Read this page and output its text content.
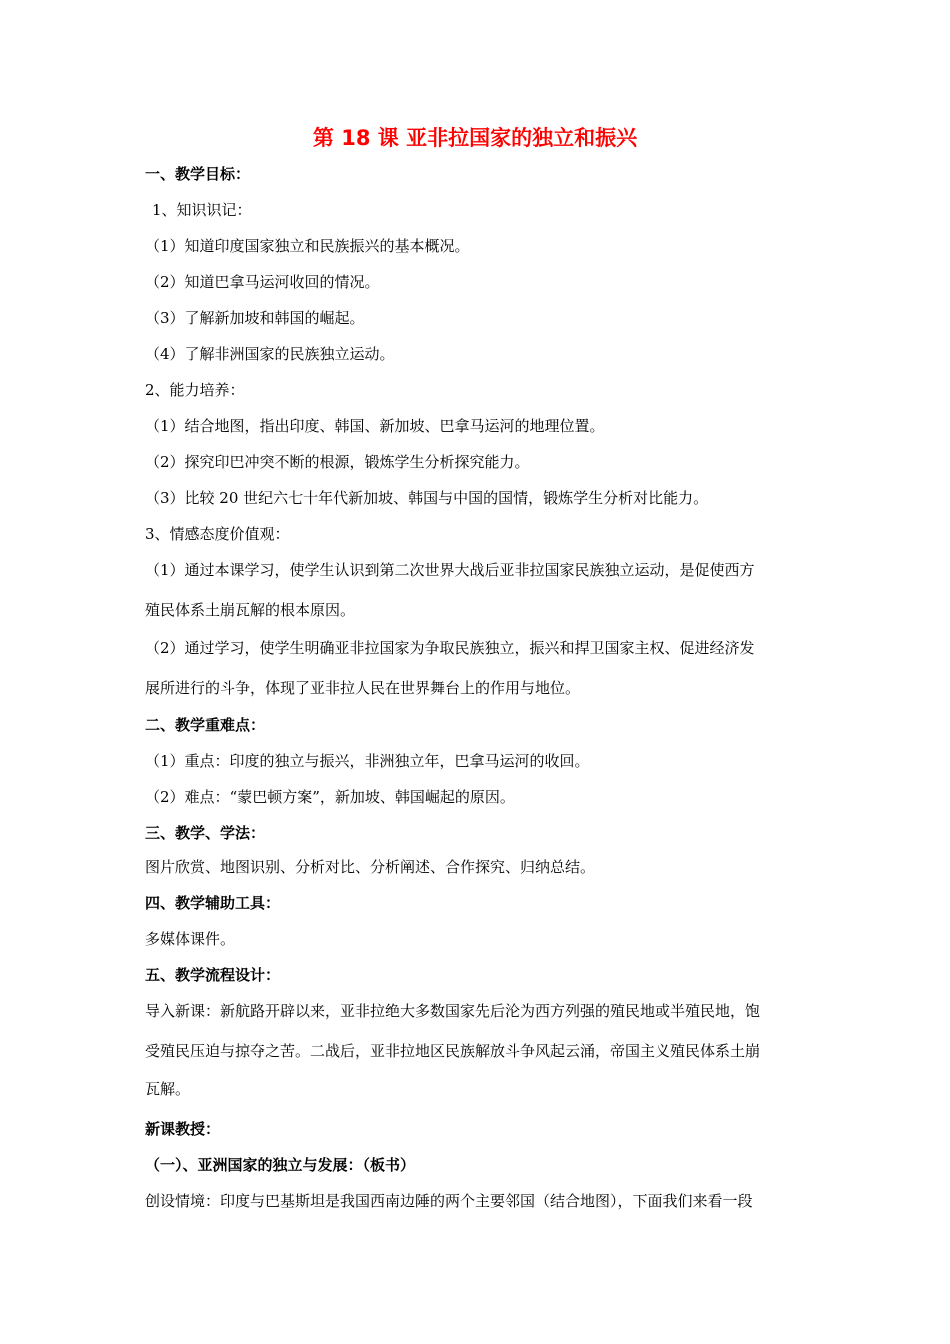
第 18 课 亚非拉国家的独立和振兴
一、教学目标：
1、知识识记：
（1）知道印度国家独立和民族振兴的基本概况。
（2）知道巴拿马运河收回的情况。
（3）了解新加坡和韩国的崛起。
（4）了解非洲国家的民族独立运动。
2、能力培养：
（1）结合地图，指出印度、韩国、新加坡、巴拿马运河的地理位置。
（2）探究印巴冲突不断的根源，锻炼学生分析探究能力。
（3）比较 20 世纪六七十年代新加坡、韩国与中国的国情，锻炼学生分析对比能力。
3、情感态度价值观：
（1）通过本课学习，使学生认识到第二次世界大战后亚非拉国家民族独立运动，是促使西方
殖民体系土崩瓦解的根本原因。
（2）通过学习，使学生明确亚非拉国家为争取民族独立，振兴和捍卫国家主权、促进经济发
展所进行的斗争，体现了亚非拉人民在世界舞台上的作用与地位。
二、教学重难点：
（1）重点：印度的独立与振兴，非洲独立年，巴拿马运河的收回。
（2）难点：“蒙巴顿方案”，新加坡、韩国崛起的原因。
三、教学、学法：
图片欣赏、地图识别、分析对比、分析阐述、合作探究、归纳总结。
四、教学辅助工具：
多媒体课件。
五、教学流程设计：
导入新课：新航路开辟以来，亚非拉绝大多数国家先后沦为西方列强的殖民地或半殖民地，饱
受殖民压迫与掠夺之苦。二战后，亚非拉地区民族解放斗争风起云涌，帝国主义殖民体系土崩
瓦解。
新课教授：
（一）、亚洲国家的独立与发展：（板书）
创设情境：印度与巴基斯坦是我国西南边陲的两个主要邻国（结合地图），下面我们来看一段
